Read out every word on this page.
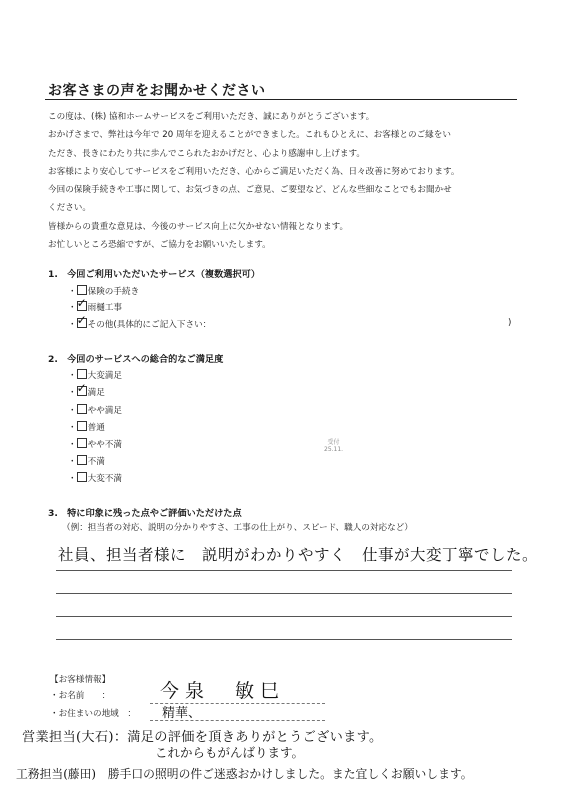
お客さまの声をお聞かせください
この度は、(株) 協和ホームサービスをご利用いただき、誠にありがとうございます。
おかげさまで、弊社は今年で 20 周年を迎えることができました。これもひとえに、お客様とのご縁をい
ただき、長きにわたり共に歩んでこられたおかげだと、心より感謝申し上げます。
お客様により安心してサービスをご利用いただき、心からご満足いただく為、日々改善に努めております。
今回の保険手続きや工事に関して、お気づきの点、ご意見、ご要望など、どんな些細なことでもお聞かせ
ください。
皆様からの貴重な意見は、今後のサービス向上に欠かせない情報となります。
お忙しいところ恐縮ですが、ご協力をお願いいたします。
1.　今回ご利用いただいたサービス（複数選択可）
・ 保険の手続き
・ ✓ 雨樋工事
・ ✓ その他(具体的にご記入下さい：	)
2.　今回のサービスへの総合的なご満足度
・ 大変満足
・ ✓ 満足
・ やや満足
・ 普通
・ やや不満
・ 不満
・ 大変不満
受付
25.11.
3.　特に印象に残った点やご評価いただけた点
（例：担当者の対応、説明の分かりやすさ、工事の仕上がり、スピード、職人の対応など）
社員、担当者様に　説明がわかりやすく　仕事が大変丁寧でした。
【お客様情報】
・お名前　　：	今泉　敏巳
・お住まいの地域　： 精華、
営業担当(大石)：満足の評価を頂きありがとうございます。
これからもがんばります。
工務担当(藤田)　勝手口の照明の件ご迷惑おかけしました。また宜しくお願いします。
